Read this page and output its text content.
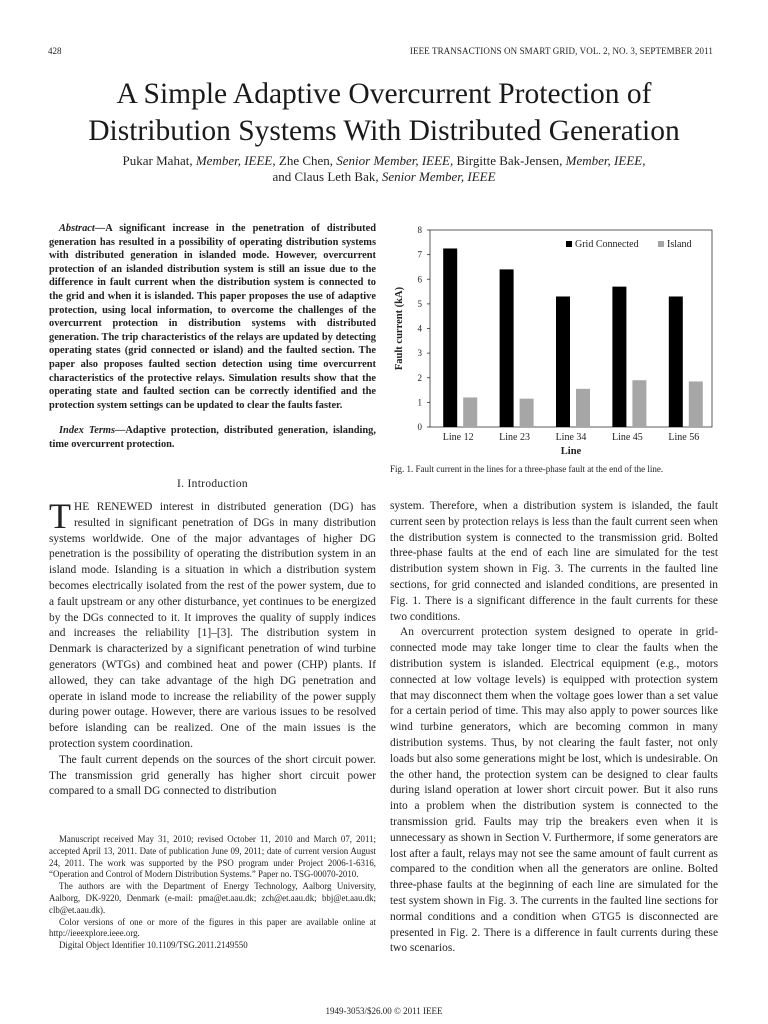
428	IEEE TRANSACTIONS ON SMART GRID, VOL. 2, NO. 3, SEPTEMBER 2011
A Simple Adaptive Overcurrent Protection of
Distribution Systems With Distributed Generation
Pukar Mahat, Member, IEEE, Zhe Chen, Senior Member, IEEE, Birgitte Bak-Jensen, Member, IEEE,
and Claus Leth Bak, Senior Member, IEEE
Abstract—A significant increase in the penetration of distributed generation has resulted in a possibility of operating distribution systems with distributed generation in islanded mode. However, overcurrent protection of an islanded distribution system is still an issue due to the difference in fault current when the distribution system is connected to the grid and when it is islanded. This paper proposes the use of adaptive protection, using local information, to overcome the challenges of the overcurrent protection in distribution systems with distributed generation. The trip characteristics of the relays are updated by detecting operating states (grid connected or island) and the faulted section. The paper also proposes faulted section detection using time overcurrent characteristics of the protective relays. Simulation results show that the operating state and faulted section can be correctly identified and the protection system settings can be updated to clear the faults faster.
Index Terms—Adaptive protection, distributed generation, islanding, time overcurrent protection.
I. Introduction

THE RENEWED interest in distributed generation (DG) has resulted in significant penetration of DGs in many distribution systems worldwide. One of the major advantages of higher DG penetration is the possibility of operating the distribution system in an island mode. Islanding is a situation in which a distribution system becomes electrically isolated from the rest of the power system, due to a fault upstream or any other disturbance, yet continues to be energized by the DGs connected to it. It improves the quality of supply indices and increases the reliability [1]–[3]. The distribution system in Denmark is characterized by a significant penetration of wind turbine generators (WTGs) and combined heat and power (CHP) plants. If allowed, they can take advantage of the high DG penetration and operate in island mode to increase the reliability of the power supply during power outage. However, there are various issues to be resolved before islanding can be realized. One of the main issues is the protection system coordination.

The fault current depends on the sources of the short circuit power. The transmission grid generally has higher short circuit power compared to a small DG connected to distribution

Manuscript received May 31, 2010; revised October 11, 2010 and March 07, 2011; accepted April 13, 2011. Date of publication June 09, 2011; date of current version August 24, 2011. The work was supported by the PSO program under Project 2006-1-6316, “Operation and Control of Modern Distribution Systems.” Paper no. TSG-00070-2010.

The authors are with the Department of Energy Technology, Aalborg University, Aalborg, DK-9220, Denmark (e-mail: pma@et.aau.dk; zch@et.aau.dk; bbj@et.aau.dk; clb@et.aau.dk).

Color versions of one or more of the figures in this paper are available online at http://ieeexplore.ieee.org.

Digital Object Identifier 10.1109/TSG.2011.2149550

system. Therefore, when a distribution system is islanded, the fault current seen by protection relays is less than the fault current seen when the distribution system is connected to the transmission grid. Bolted three-phase faults at the end of each line are simulated for the test distribution system shown in Fig. 3. The currents in the faulted line sections, for grid connected and islanded conditions, are presented in Fig. 1. There is a significant difference in the fault currents for these two conditions.

An overcurrent protection system designed to operate in grid-connected mode may take longer time to clear the faults when the distribution system is islanded. Electrical equipment (e.g., motors connected at low voltage levels) is equipped with protection system that may disconnect them when the voltage goes lower than a set value for a certain period of time. This may also apply to power sources like wind turbine generators, which are becoming common in many distribution systems. Thus, by not clearing the fault faster, not only loads but also some generations might be lost, which is undesirable. On the other hand, the protection system can be designed to clear faults during island operation at lower short circuit power. But it also runs into a problem when the distribution system is connected to the transmission grid. Faults may trip the breakers even when it is unnecessary as shown in Section V. Furthermore, if some generators are lost after a fault, relays may not see the same amount of fault current as compared to the condition when all the generators are online. Bolted three-phase faults at the beginning of each line are simulated for the test system shown in Fig. 3. The currents in the faulted line sections for normal conditions and a condition when GTG5 is disconnected are presented in Fig. 2. There is a difference in fault currents during these two scenarios.

0
1
2
3
4
5
6
7
8
Line 12	Line 23	Line 34	Line 45	Line 56
Line
Fault current (kA)
Grid Connected	Island
Fig. 1. Fault current in the lines for a three-phase fault at the end of the line.
1949-3053/$26.00 © 2011 IEEE
